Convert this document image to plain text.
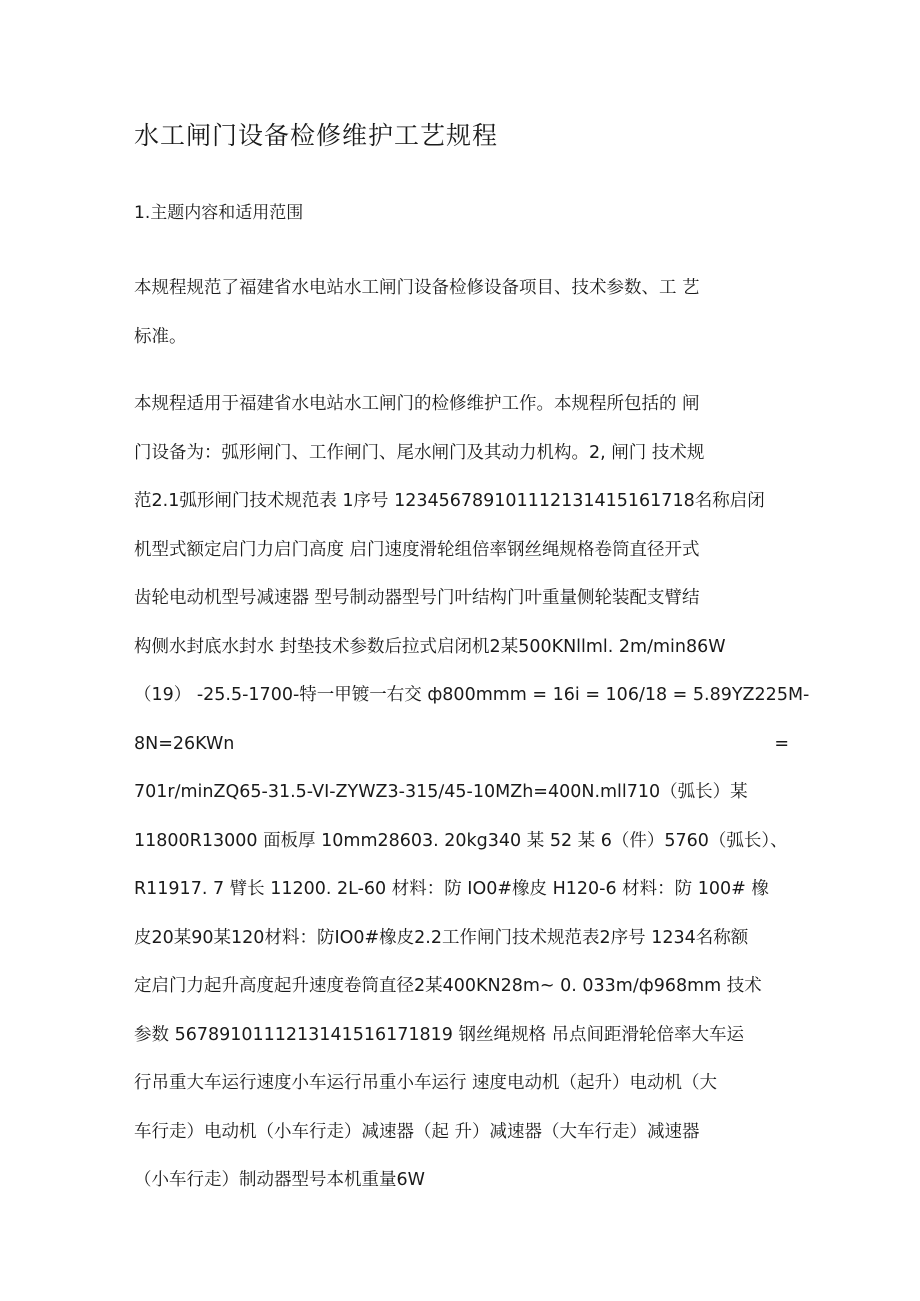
水工闸门设备检修维护工艺规程
1.主题内容和适用范围
本规程规范了福建省水电站水工闸门设备检修设备项目、技术参数、工 艺
标准。
本规程适用于福建省水电站水工闸门的检修维护工作。本规程所包括的 闸
门设备为：弧形闸门、工作闸门、尾水闸门及其动力机构。2, 闸门 技术规
范2.1弧形闸门技术规范表 1序号 123456789101112131415161718名称启闭
机型式额定启门力启门高度 启门速度滑轮组倍率钢丝绳规格卷筒直径开式
齿轮电动机型号减速器 型号制动器型号门叶结构门叶重量侧轮装配支臂结
构侧水封底水封水 封垫技术参数后拉式启闭机2某500KNllml. 2m∕min86W
（19） -25.5-1700-特一甲镀一右交 ф800mmm = 16i = 106/18 = 5.89YZ225M-
8N=26KWn	=
701r∕minZQ65-31.5-VI-ZYWZ3-315∕45-10MZh=400N.mll710（弧长）某
11800R13000 面板厚 10mm28603. 20kg340 某 52 某 6（件）5760（弧长）、
R11917. 7 臂长 11200. 2L-60 材料：防 IO0#橡皮 H120-6 材料：防 100# 橡
皮20某90某120材料：防IO0#橡皮2.2工作闸门技术规范表2序号 1234名称额
定启门力起升高度起升速度卷筒直径2某400KN28m~ 0. 033m∕ф968mm 技术
参数 5678910111213141516171819 钢丝绳规格 吊点间距滑轮倍率大车运
行吊重大车运行速度小车运行吊重小车运行 速度电动机（起升）电动机（大
车行走）电动机（小车行走）减速器（起 升）减速器（大车行走）减速器
（小车行走）制动器型号本机重量6W
